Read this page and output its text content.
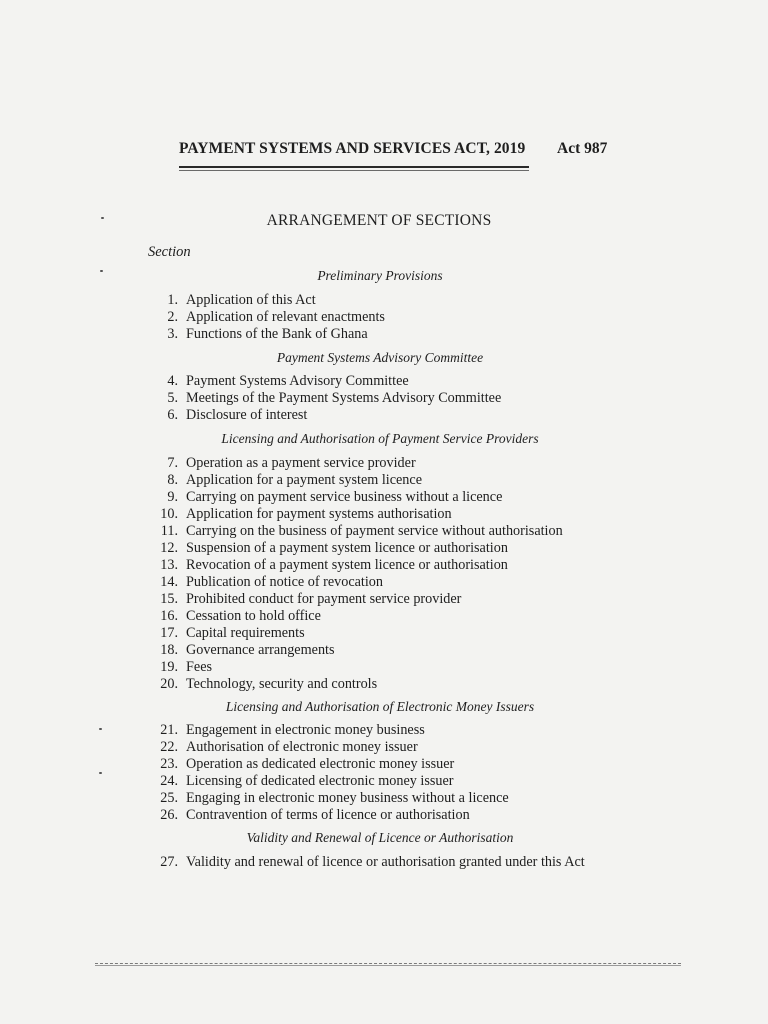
PAYMENT SYSTEMS AND SERVICES ACT, 2019 Act 987
ARRANGEMENT OF SECTIONS
Section
Preliminary Provisions
1. Application of this Act
2. Application of relevant enactments
3. Functions of the Bank of Ghana
Payment Systems Advisory Committee
4. Payment Systems Advisory Committee
5. Meetings of the Payment Systems Advisory Committee
6. Disclosure of interest
Licensing and Authorisation of Payment Service Providers
7. Operation as a payment service provider
8. Application for a payment system licence
9. Carrying on payment service business without a licence
10. Application for payment systems authorisation
11. Carrying on the business of payment service without authorisation
12. Suspension of a payment system licence or authorisation
13. Revocation of a payment system licence or authorisation
14. Publication of notice of revocation
15. Prohibited conduct for payment service provider
16. Cessation to hold office
17. Capital requirements
18. Governance arrangements
19. Fees
20. Technology, security and controls
Licensing and Authorisation of Electronic Money Issuers
21. Engagement in electronic money business
22. Authorisation of electronic money issuer
23. Operation as dedicated electronic money issuer
24. Licensing of dedicated electronic money issuer
25. Engaging in electronic money business without a licence
26. Contravention of terms of licence or authorisation
Validity and Renewal of Licence or Authorisation
27. Validity and renewal of licence or authorisation granted under this Act
